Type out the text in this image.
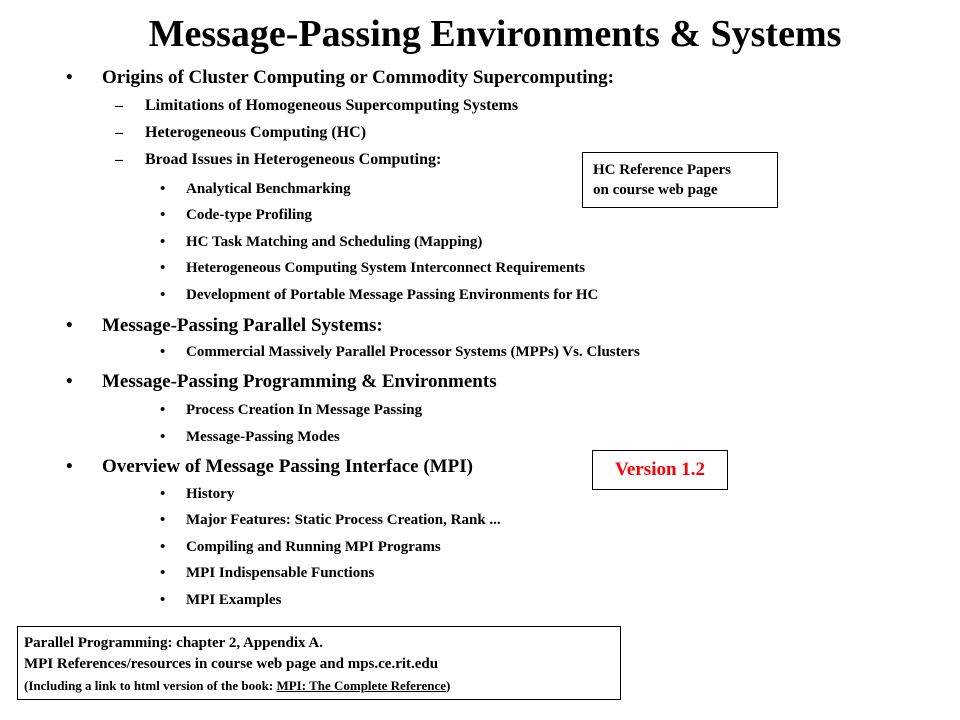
Message-Passing Environments & Systems
• Origins of Cluster Computing or Commodity Supercomputing:
– Limitations of Homogeneous Supercomputing Systems
– Heterogeneous Computing (HC)
– Broad Issues in Heterogeneous Computing:
• Analytical Benchmarking
• Code-type Profiling
• HC Task Matching and Scheduling (Mapping)
• Heterogeneous Computing System Interconnect Requirements
• Development of Portable Message Passing Environments for HC
• Message-Passing Parallel Systems:
• Commercial Massively Parallel Processor Systems (MPPs) Vs. Clusters
• Message-Passing Programming & Environments
• Process Creation In Message Passing
• Message-Passing Modes
• Overview of Message Passing Interface (MPI)
• History
• Major Features: Static Process Creation, Rank ...
• Compiling and Running MPI Programs
• MPI Indispensable Functions
• MPI Examples
HC Reference Papers
on course web page
Version 1.2
Parallel Programming: chapter 2, Appendix A.
MPI References/resources in course web page and mps.ce.rit.edu
(Including a link to html version of the book: MPI: The Complete Reference)
